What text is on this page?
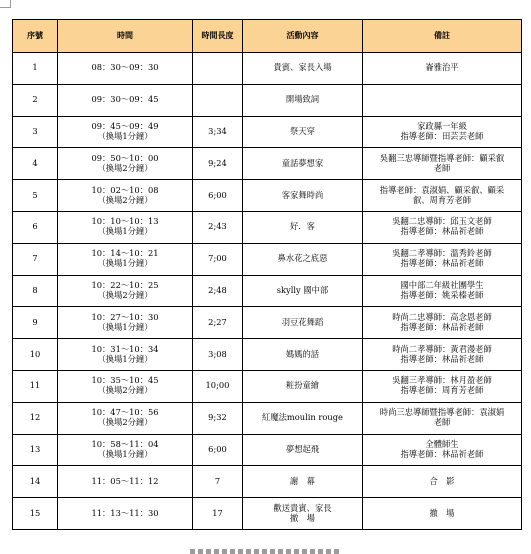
序號	時間	時間長度	活動內容	備註
1	08：30～09：30		貴賓、家長入場	崙雅治平

2	09：30～09：45		開場致詞	

3	09：45～09：49
（換場1分鐘）	3;34	祭天穿	家政縣一年級
指導老師：田芸芸老師

4	09：50～10：00
（換場2分鐘）	9;24	童話夢想家	吳翻三忠導師暨指導老師：顧采叡
老師

5	10：02～10：08
（換場2分鐘）	6;00	客家舞時尚	指導老師：袁淑娟、顧采叡、顧采
叡、周育芳老師

6	10：10～10：13
（換場1分鐘）	2;43	好．客	吳翻二忠導師：邱玉文老師
指導老師：林品祈老師

7	10：14～10：21
（換場1分鐘）	7;00	鼻水花之底惡	吳翻二孝導師：溫秀鈴老師
指導老師：林品祈老師

8	10：22～10：25
（換場2分鐘）	2;48	skylly 國中部	國中部二年級社團學生
指導老師：姚采榛老師

9	10：27～10：30
（換場1分鐘）	2;27	羽豆花舞蹈	時尚二忠導師：高念恩老師
指導老師：林品祈老師

10	10：31～10：34
（換場1分鐘）	3;08	媽媽的話	時尚二孝導師：黃君漫老師
指導老師：林品祈老師

11	10：35～10：45
（換場2分鐘）	10;00	粧扮童繪	吳翻三孝導師：林月盈老師
指導老師：周育芳老師

12	10：47～10：56
（換場2分鐘）	9;32	紅魔法moulin rouge	時尚三忠導師暨指導老師：袁淑娟
老師

13	10：58～11：04
（換場1分鐘）	6;00	夢想起飛	全體師生
指導老師：林品祈老師

14	11：05～11：12	7	謝　幕	合　影

15	11：13～11：30	17	歡送貴賓、家長
撤　場	撤　場
